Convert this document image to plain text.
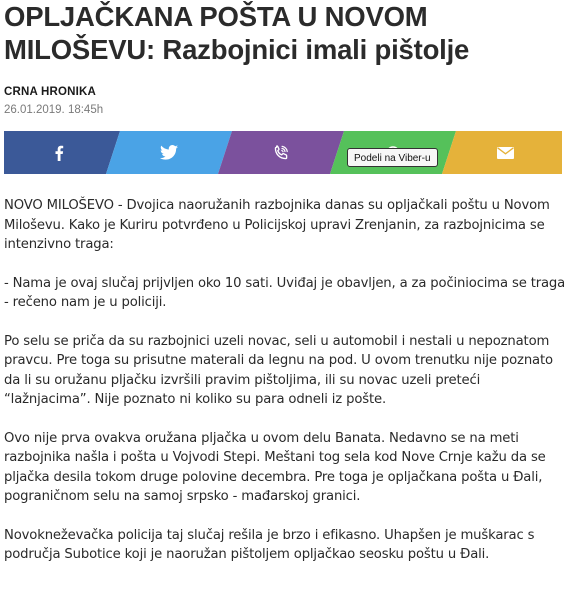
OPLJAČKANA POŠTA U NOVOM MILOŠEVU: Razbojnici imali pištolje
CRNA HRONIKA
26.01.2019. 18:45h
Podeli na Viber-u

NOVO MILOŠEVO - Dvojica naoružanih razbojnika danas su opljačkali poštu u Novom Miloševu. Kako je Kuriru potvrđeno u Policijskoj upravi Zrenjanin, za razbojnicima se intenzivno traga:

- Nama je ovaj slučaj prijvljen oko 10 sati. Uviđaj je obavljen, a za počiniocima se traga - rečeno nam je u policiji.

Po selu se priča da su razbojnici uzeli novac, seli u automobil i nestali u nepoznatom pravcu. Pre toga su prisutne materali da legnu na pod. U ovom trenutku nije poznato da li su oružanu pljačku izvršili pravim pištoljima, ili su novac uzeli preteći “lažnjacima”. Nije poznato ni koliko su para odneli iz pošte.

Ovo nije prva ovakva oružana pljačka u ovom delu Banata. Nedavno se na meti razbojnika našla i pošta u Vojvodi Stepi. Meštani tog sela kod Nove Crnje kažu da se pljačka desila tokom druge polovine decembra. Pre toga je opljačkana pošta u Đali, pograničnom selu na samoj srpsko - mađarskoj granici.

Novokneževačka policija taj slučaj rešila je brzo i efikasno. Uhapšen je muškarac s područja Subotice koji je naoružan pištoljem opljačkao seosku poštu u Đali.
